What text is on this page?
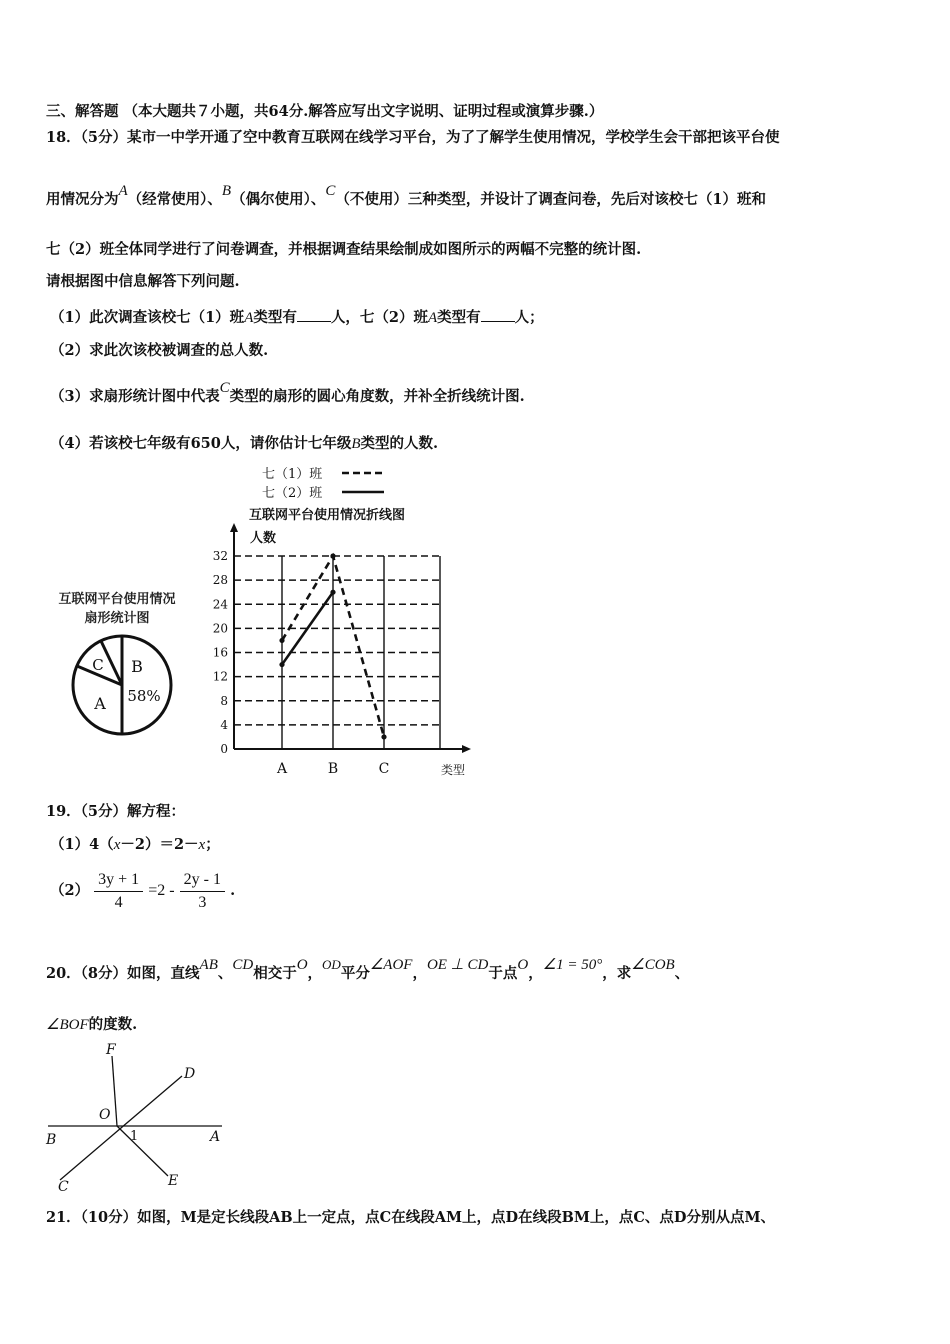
三、解答题 （本大题共７小题，共64分.解答应写出文字说明、证明过程或演算步骤.）
18．（5分）某市一中学开通了空中教育互联网在线学习平台，为了了解学生使用情况，学校学生会干部把该平台使
用情况分为A（经常使用）、B（偶尔使用）、C（不使用）三种类型，并设计了调查问卷，先后对该校七（1）班和
七（2）班全体同学进行了问卷调查，并根据调查结果绘制成如图所示的两幅不完整的统计图.
请根据图中信息解答下列问题.
（1）此次调查该校七（1）班A类型有 人，七（2）班A类型有 人；
（2）求此次该校被调查的总人数.
（3）求扇形统计图中代表C类型的扇形的圆心角度数，并补全折线统计图.
（4）若该校七年级有650人，请你估计七年级B类型的人数.
互联网平台使用情况
扇形统计图
C B
58%
A
七（1）班
七（2）班
互联网平台使用情况折线图
人数
类型
0
4
8
12
16
20
24
28
32
A	B	C
19．（5分）解方程：
（1）4（x－2）＝2－x；
$(2) \frac{3y + 1}{4} =2 - \frac{2y - 1}{3}$ .
20．（8分）如图，直线AB、CD相交于O，OD平分∠AOF，OE ⊥ CD于点O，∠1 = 50°，求∠COB、
∠BOF的度数.
F
D
O
B	1	A
C	E
21．（10分）如图，M是定长线段AB上一定点，点C在线段AM上，点D在线段BM上，点C、点D分别从点M、
